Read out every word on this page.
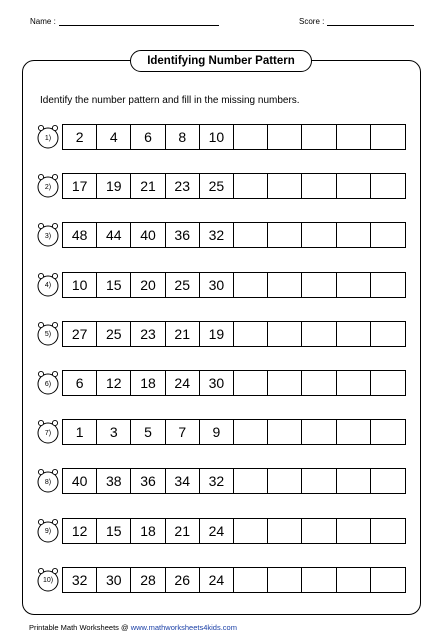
Name :	Score :
Identifying Number Pattern
Identify the number pattern and fill in the missing numbers.
1)	2	4	6	8	10
2)	17	19	21	23	25
3)	48	44	40	36	32
4)	10	15	20	25	30
5)	27	25	23	21	19
6)	6	12	18	24	30
7)	1	3	5	7	9
8)	40	38	36	34	32
9)	12	15	18	21	24
10)	32	30	28	26	24
Printable Math Worksheets @ www.mathworksheets4kids.com
